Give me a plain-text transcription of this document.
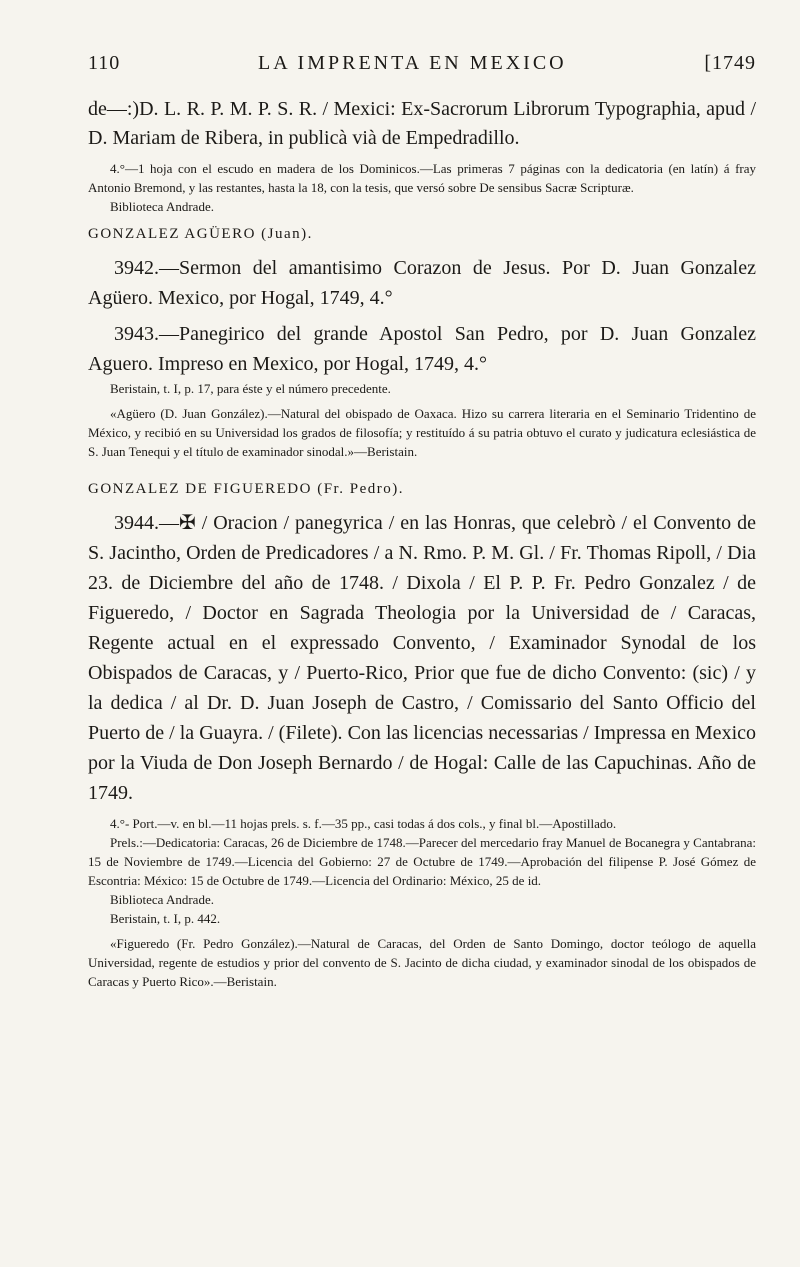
110	LA IMPRENTA EN MEXICO	[1749

de—:)D. L. R. P. M. P. S. R. / Mexici: Ex-Sacrorum Librorum Typographia, apud / D. Mariam de Ribera, in publicà vià de Empedradillo.

4.°—1 hoja con el escudo en madera de los Dominicos.—Las primeras 7 páginas con la dedicatoria (en latín) á fray Antonio Bremond, y las restantes, hasta la 18, con la tesis, que versó sobre De sensibus Sacræ Scripturæ.

Biblioteca Andrade.

GONZALEZ AGÜERO (Juan).

3942.—Sermon del amantisimo Corazon de Jesus. Por D. Juan Gonzalez Agüero. Mexico, por Hogal, 1749, 4.°

3943.—Panegirico del grande Apostol San Pedro, por D. Juan Gonzalez Aguero. Impreso en Mexico, por Hogal, 1749, 4.°

Beristain, t. I, p. 17, para éste y el número precedente.

«Agüero (D. Juan González).—Natural del obispado de Oaxaca. Hizo su carrera literaria en el Seminario Tridentino de México, y recibió en su Universidad los grados de filosofía; y restituído á su patria obtuvo el curato y judicatura eclesiástica de S. Juan Tenequi y el título de examinador sinodal.»—Beristain.

GONZALEZ DE FIGUEREDO (Fr. Pedro).

3944.—✠ / Oracion / panegyrica / en las Honras, que celebrò / el Convento de S. Jacintho, Orden de Predicadores / a N. Rmo. P. M. Gl. / Fr. Thomas Ripoll, / Dia 23. de Diciembre del año de 1748. / Dixola / El P. P. Fr. Pedro Gonzalez / de Figueredo, / Doctor en Sagrada Theologia por la Universidad de / Caracas, Regente actual en el expressado Convento, / Examinador Synodal de los Obispados de Caracas, y / Puerto-Rico, Prior que fue de dicho Convento: (sic) / y la dedica / al Dr. D. Juan Joseph de Castro, / Comissario del Santo Officio del Puerto de / la Guayra. / (Filete). Con las licencias necessarias / Impressa en Mexico por la Viuda de Don Joseph Bernardo / de Hogal: Calle de las Capuchinas. Año de 1749.

4.°- Port.—v. en bl.—11 hojas prels. s. f.—35 pp., casi todas á dos cols., y final bl.—Apostillado.

Prels.:—Dedicatoria: Caracas, 26 de Diciembre de 1748.—Parecer del mercedario fray Manuel de Bocanegra y Cantabrana: 15 de Noviembre de 1749.—Licencia del Gobierno: 27 de Octubre de 1749.—Aprobación del filipense P. José Gómez de Escontria: México: 15 de Octubre de 1749.—Licencia del Ordinario: México, 25 de id.

Biblioteca Andrade.

Beristain, t. I, p. 442.

«Figueredo (Fr. Pedro González).—Natural de Caracas, del Orden de Santo Domingo, doctor teólogo de aquella Universidad, regente de estudios y prior del convento de S. Jacinto de dicha ciudad, y examinador sinodal de los obispados de Caracas y Puerto Rico».—Beristain.
